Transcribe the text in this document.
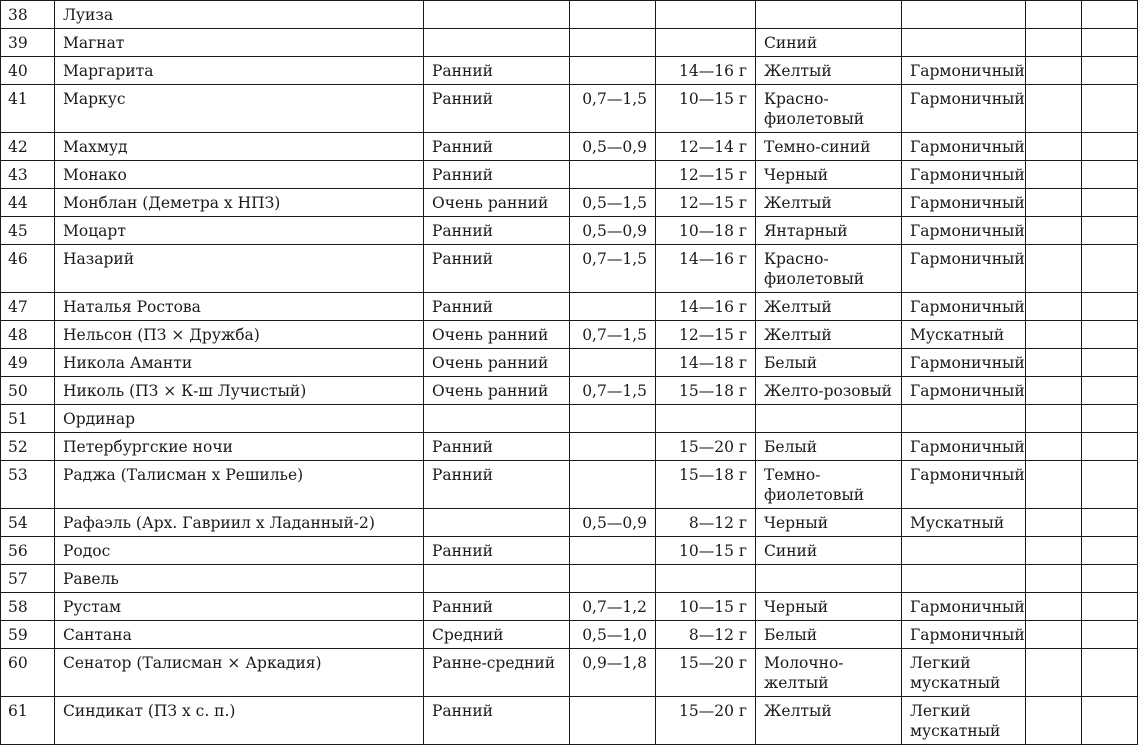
38	Луиза							
39	Магнат				Синий			
40	Маргарита	Ранний		14—16 г	Желтый	Гармоничный		
41	Маркус	Ранний	0,7—1,5	10—15 г	Красно-фиолетовый	Гармоничный		
42	Махмуд	Ранний	0,5—0,9	12—14 г	Темно-синий	Гармоничный		
43	Монако	Ранний		12—15 г	Черный	Гармоничный		
44	Монблан (Деметра х НПЗ)	Очень ранний	0,5—1,5	12—15 г	Желтый	Гармоничный		
45	Моцарт	Ранний	0,5—0,9	10—18 г	Янтарный	Гармоничный		
46	Назарий	Ранний	0,7—1,5	14—16 г	Красно-фиолетовый	Гармоничный		
47	Наталья Ростова	Ранний		14—16 г	Желтый	Гармоничный		
48	Нельсон (ПЗ × Дружба)	Очень ранний	0,7—1,5	12—15 г	Желтый	Мускатный		
49	Никола Аманти	Очень ранний		14—18 г	Белый	Гармоничный		
50	Николь (ПЗ × К-ш Лучистый)	Очень ранний	0,7—1,5	15—18 г	Желто-розовый	Гармоничный		
51	Ординар							
52	Петербургские ночи	Ранний		15—20 г	Белый	Гармоничный		
53	Раджа (Талисман х Решилье)	Ранний		15—18 г	Темно-фиолетовый	Гармоничный		
54	Рафаэль (Арх. Гавриил х Ладанный-2)		0,5—0,9	8—12 г	Черный	Мускатный		
56	Родос	Ранний		10—15 г	Синий			
57	Равель							
58	Рустам	Ранний	0,7—1,2	10—15 г	Черный	Гармоничный		
59	Сантана	Средний	0,5—1,0	8—12 г	Белый	Гармоничный		
60	Сенатор (Талисман × Аркадия)	Ранне-средний	0,9—1,8	15—20 г	Молочно-желтый	Легкий мускатный		
61	Синдикат (ПЗ х с. п.)	Ранний		15—20 г	Желтый	Легкий мускатный		
